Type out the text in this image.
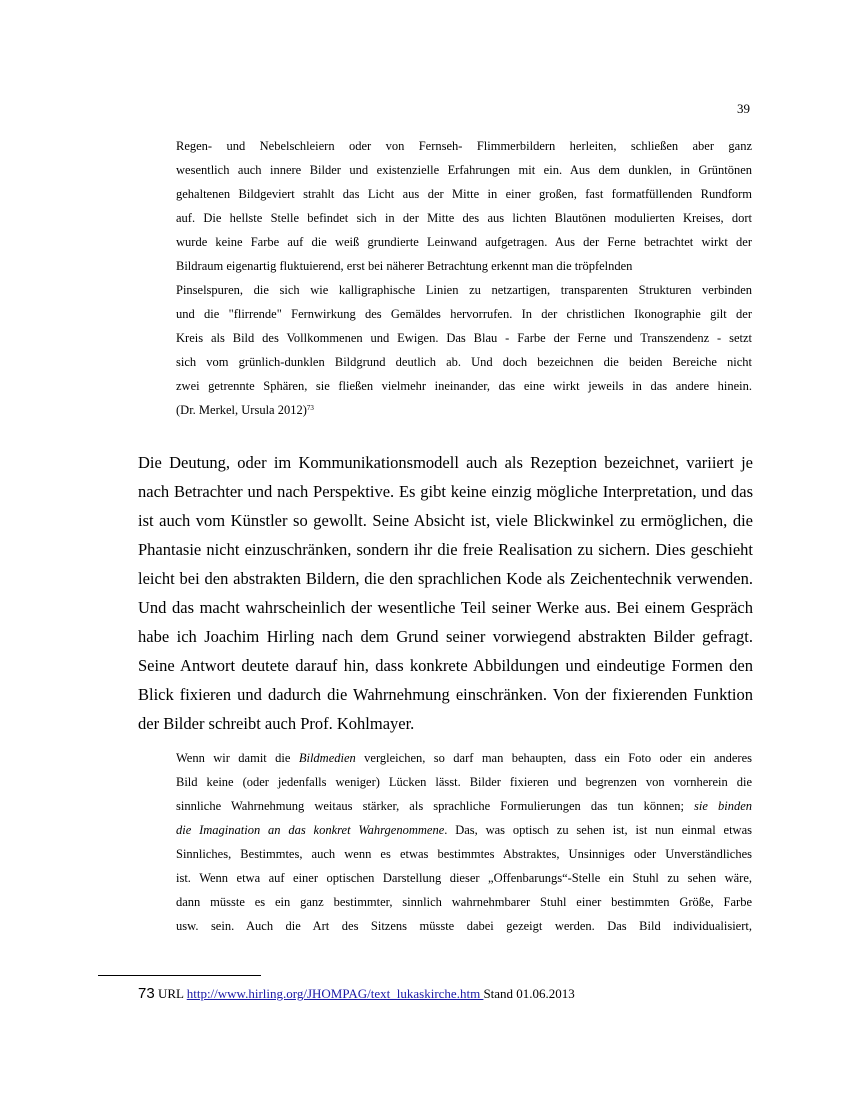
39
Regen- und Nebelschleiern oder von Fernseh- Flimmerbildern herleiten, schließen aber ganz
wesentlich auch innere Bilder und existenzielle Erfahrungen mit ein. Aus dem dunklen, in Grüntönen
gehaltenen Bildgeviert strahlt das Licht aus der Mitte in einer großen, fast formatfüllenden Rundform
auf. Die hellste Stelle befindet sich in der Mitte des aus lichten Blautönen modulierten Kreises, dort
wurde keine Farbe auf die weiß grundierte Leinwand aufgetragen. Aus der Ferne betrachtet wirkt der
Bildraum eigenartig fluktuierend, erst bei näherer Betrachtung erkennt man die tröpfelnden
Pinselspuren, die sich wie kalligraphische Linien zu netzartigen, transparenten Strukturen verbinden
und die "flirrende" Fernwirkung des Gemäldes hervorrufen. In der christlichen Ikonographie gilt der
Kreis als Bild des Vollkommenen und Ewigen. Das Blau - Farbe der Ferne und Transzendenz - setzt
sich vom grünlich-dunklen Bildgrund deutlich ab. Und doch bezeichnen die beiden Bereiche nicht
zwei getrennte Sphären, sie fließen vielmehr ineinander, das eine wirkt jeweils in das andere hinein.
(Dr. Merkel, Ursula 2012)$^{73}$
Die Deutung, oder im Kommunikationsmodell auch als Rezeption bezeichnet, variiert je
nach Betrachter und nach Perspektive. Es gibt keine einzig mögliche Interpretation, und das
ist auch vom Künstler so gewollt. Seine Absicht ist, viele Blickwinkel zu ermöglichen, die
Phantasie nicht einzuschränken, sondern ihr die freie Realisation zu sichern. Dies geschieht
leicht bei den abstrakten Bildern, die den sprachlichen Kode als Zeichentechnik verwenden.
Und das macht wahrscheinlich der wesentliche Teil seiner Werke aus. Bei einem Gespräch
habe ich Joachim Hirling nach dem Grund seiner vorwiegend abstrakten Bilder gefragt.
Seine Antwort deutete darauf hin, dass konkrete Abbildungen und eindeutige Formen den
Blick fixieren und dadurch die Wahrnehmung einschränken. Von der fixierenden Funktion
der Bilder schreibt auch Prof. Kohlmayer.
Wenn wir damit die Bildmedien vergleichen, so darf man behaupten, dass ein Foto oder ein anderes
Bild keine (oder jedenfalls weniger) Lücken lässt. Bilder fixieren und begrenzen von vornherein die
sinnliche Wahrnehmung weitaus stärker, als sprachliche Formulierungen das tun können; sie binden
die Imagination an das konkret Wahrgenommene. Das, was optisch zu sehen ist, ist nun einmal etwas
Sinnliches, Bestimmtes, auch wenn es etwas bestimmtes Abstraktes, Unsinniges oder Unverständliches
ist. Wenn etwa auf einer optischen Darstellung dieser „Offenbarungs“-Stelle ein Stuhl zu sehen wäre,
dann müsste es ein ganz bestimmter, sinnlich wahrnehmbarer Stuhl einer bestimmten Größe, Farbe
usw. sein. Auch die Art des Sitzens müsste dabei gezeigt werden. Das Bild individualisiert,
73 URL http://www.hirling.org/JHOMPAG/text_lukaskirche.htm Stand 01.06.2013
